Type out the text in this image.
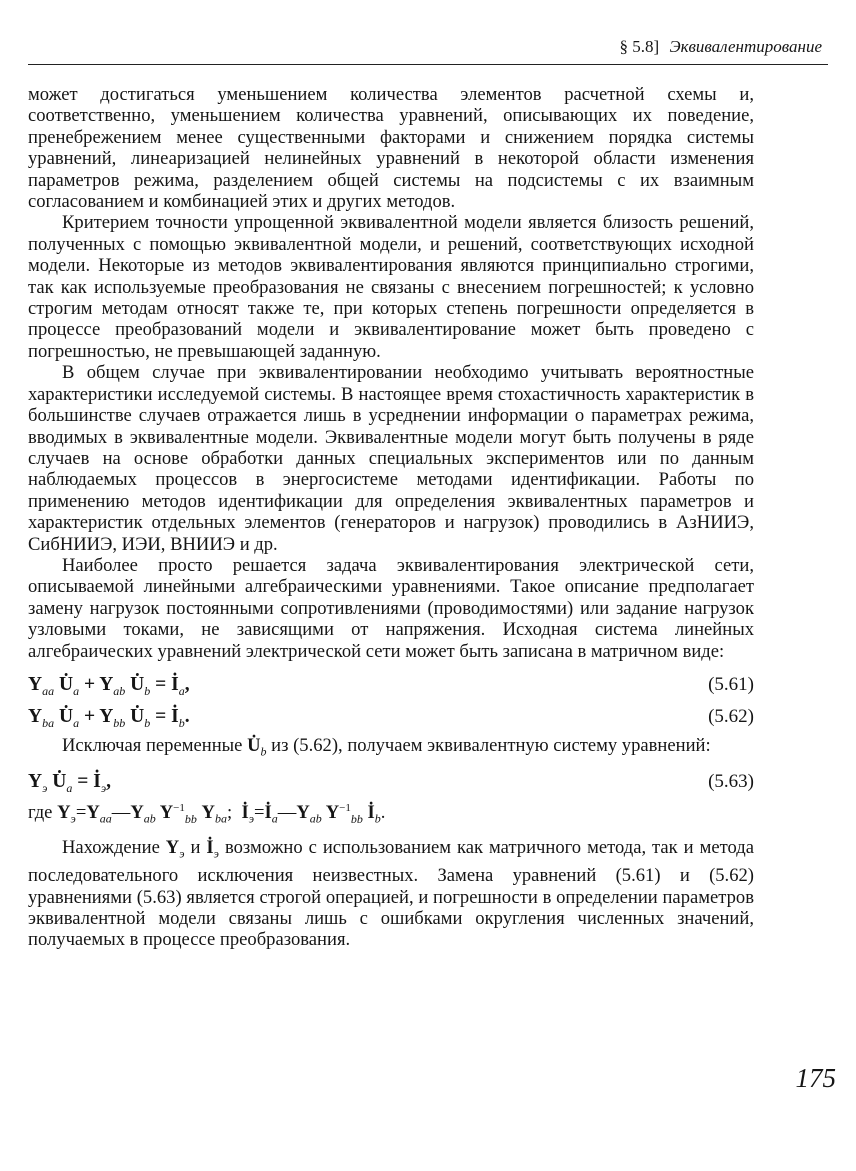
§ 5.8] Эквивалентирование

может достигаться уменьшением количества элементов расчетной схемы и, соответственно, уменьшением количества уравнений, описывающих их поведение, пренебрежением менее существенными факторами и снижением порядка системы уравнений, линеаризацией нелинейных уравнений в некоторой области изменения параметров режима, разделением общей системы на подсистемы с их взаимным согласованием и комбинацией этих и других методов.

Критерием точности упрощенной эквивалентной модели является близость решений, полученных с помощью эквивалентной модели, и решений, соответствующих исходной модели. Некоторые из методов эквивалентирования являются принципиально строгими, так как используемые преобразования не связаны с внесением погрешностей; к условно строгим методам относят также те, при которых степень погрешности определяется в процессе преобразований модели и эквивалентирование может быть проведено с погрешностью, не превышающей заданную.

В общем случае при эквивалентировании необходимо учитывать вероятностные характеристики исследуемой системы. В настоящее время стохастичность характеристик в большинстве случаев отражается лишь в усреднении информации о параметрах режима, вводимых в эквивалентные модели. Эквивалентные модели могут быть получены в ряде случаев на основе обработки данных специальных экспериментов или по данным наблюдаемых процессов в энергосистеме методами идентификации. Работы по применению методов идентификации для определения эквивалентных параметров и характеристик отдельных элементов (генераторов и нагрузок) проводились в АзНИИЭ, СибНИИЭ, ИЭИ, ВНИИЭ и др.

Наиболее просто решается задача эквивалентирования электрической сети, описываемой линейными алгебраическими уравнениями. Такое описание предполагает замену нагрузок постоянными сопротивлениями (проводимостями) или задание нагрузок узловыми токами, не зависящими от напряжения. Исходная система линейных алгебраических уравнений электрической сети может быть записана в матричном виде:

$Y_{aa}$ $U̇_a + Y_{ab}$ $U̇_b$ = $İ_a$,	(5.61)
$Y_{ba}$ $U̇_a + Y_{bb}$ $U̇_b$ = $İ_b$.	(5.62)

Исключая переменные $U̇_b$ из (5.62), получаем эквивалентную систему уравнений:

$Y_э$ $U̇_a$ = $İ_э$,	(5.63)
где $Y_э=Y_{aa}—Y_{ab}$ $Y^{-1}_{bb}$ $Y_{ba}$;  $İ_э=İ_a—Y_{ab}$ $Y^{-1}_{bb}$ $İ_b$.

Нахождение $Y_э$ и $İ_э$ возможно с использованием как матричного метода, так и метода последовательного исключения неизвестных. Замена уравнений (5.61) и (5.62) уравнениями (5.63) является строгой операцией, и погрешности в определении параметров эквивалентной модели связаны лишь с ошибками округления численных значений, получаемых в процессе преобразования.

175
